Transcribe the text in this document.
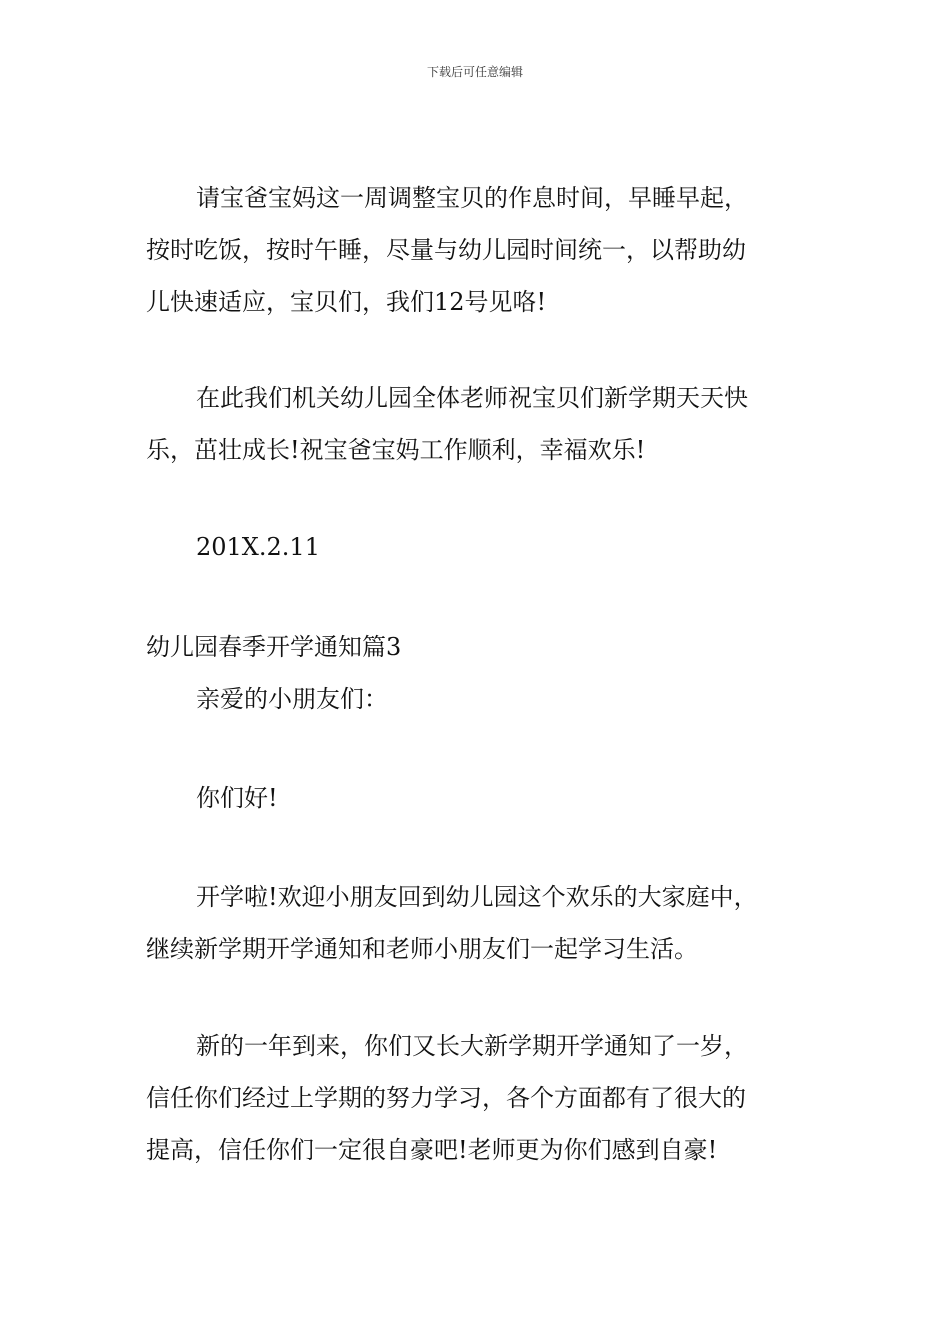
下载后可任意编辑
请宝爸宝妈这一周调整宝贝的作息时间，早睡早起，
按时吃饭，按时午睡，尽量与幼儿园时间统一，以帮助幼
儿快速适应，宝贝们，我们12号见咯!
在此我们机关幼儿园全体老师祝宝贝们新学期天天快
乐，茁壮成长!祝宝爸宝妈工作顺利，幸福欢乐!
201X.2.11
幼儿园春季开学通知篇3
亲爱的小朋友们：
你们好!
开学啦!欢迎小朋友回到幼儿园这个欢乐的大家庭中，
继续新学期开学通知和老师小朋友们一起学习生活。
新的一年到来，你们又长大新学期开学通知了一岁，
信任你们经过上学期的努力学习，各个方面都有了很大的
提高，信任你们一定很自豪吧!老师更为你们感到自豪!
